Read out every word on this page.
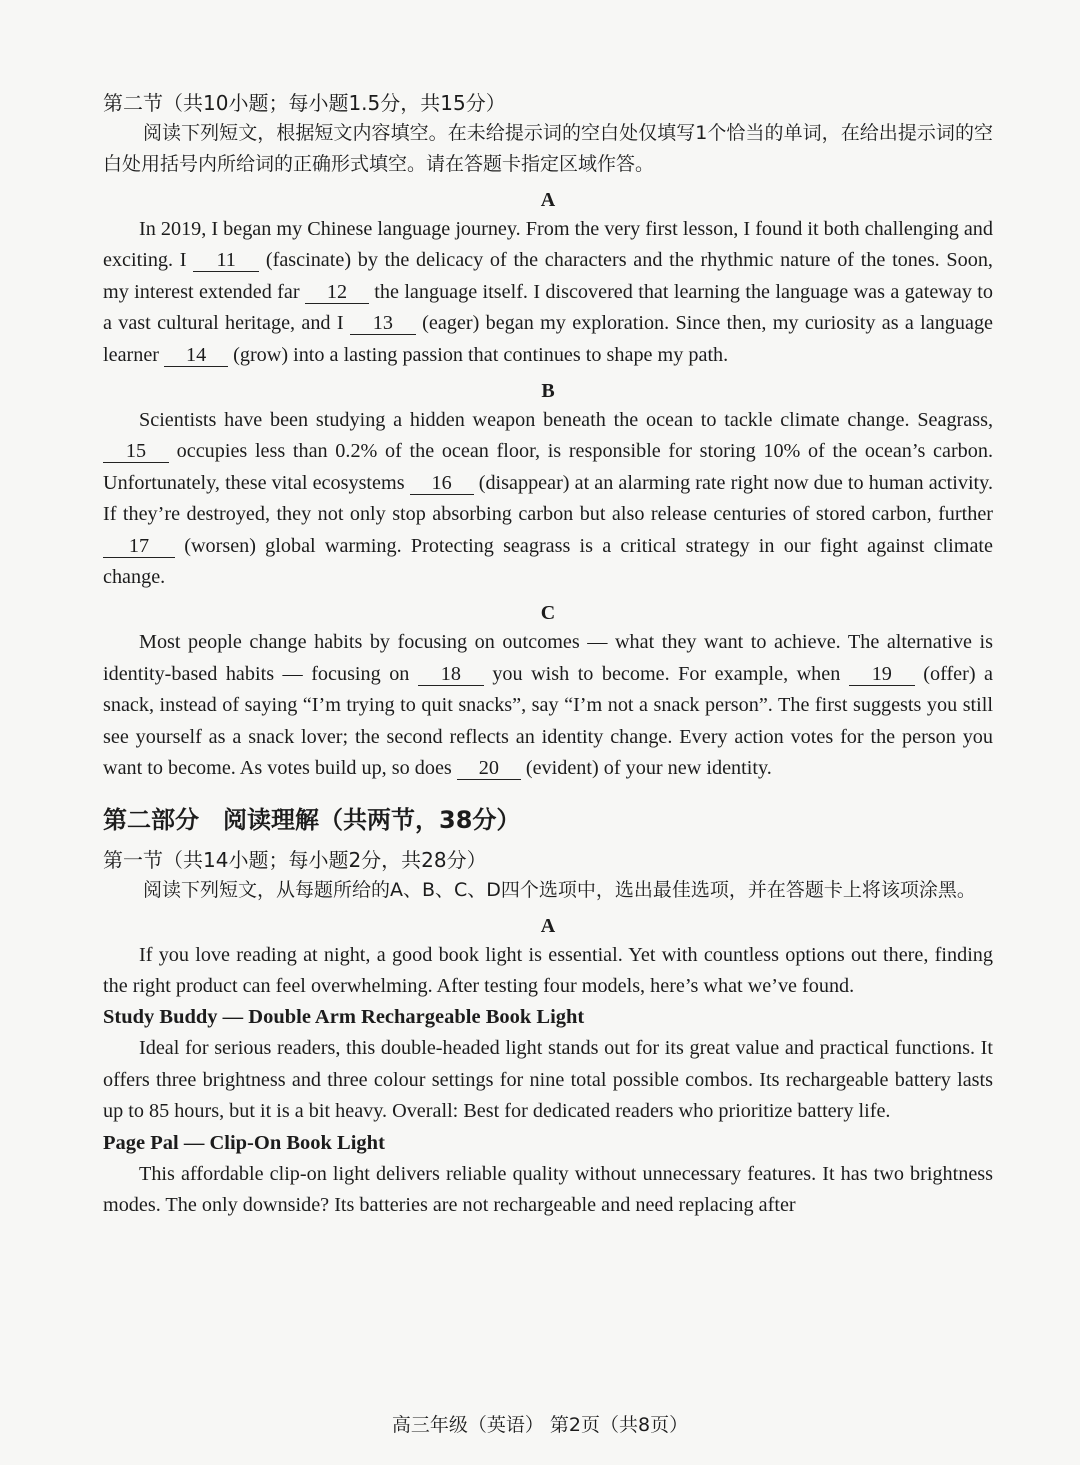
第二节（共10小题；每小题1.5分，共15分）
阅读下列短文，根据短文内容填空。在未给提示词的空白处仅填写1个恰当的单词，在给出提示词的空白处用括号内所给词的正确形式填空。请在答题卡指定区域作答。
A

In 2019, I began my Chinese language journey. From the very first lesson, I found it both challenging and exciting. I 11 (fascinate) by the delicacy of the characters and the rhythmic nature of the tones. Soon, my interest extended far 12 the language itself. I discovered that learning the language was a gateway to a vast cultural heritage, and I 13 (eager) began my exploration. Since then, my curiosity as a language learner 14 (grow) into a lasting passion that continues to shape my path.

B

Scientists have been studying a hidden weapon beneath the ocean to tackle climate change. Seagrass, 15 occupies less than 0.2% of the ocean floor, is responsible for storing 10% of the ocean’s carbon. Unfortunately, these vital ecosystems 16 (disappear) at an alarming rate right now due to human activity. If they’re destroyed, they not only stop absorbing carbon but also release centuries of stored carbon, further 17 (worsen) global warming. Protecting seagrass is a critical strategy in our fight against climate change.

C

Most people change habits by focusing on outcomes — what they want to achieve. The alternative is identity-based habits — focusing on 18 you wish to become. For example, when 19 (offer) a snack, instead of saying “I’m trying to quit snacks”, say “I’m not a snack person”. The first suggests you still see yourself as a snack lover; the second reflects an identity change. Every action votes for the person you want to become. As votes build up, so does 20 (evident) of your new identity.

第二部分 阅读理解（共两节，38分）
第一节（共14小题；每小题2分，共28分）
阅读下列短文，从每题所给的A、B、C、D四个选项中，选出最佳选项，并在答题卡上将该项涂黑。
A

If you love reading at night, a good book light is essential. Yet with countless options out there, finding the right product can feel overwhelming. After testing four models, here’s what we’ve found.

Study Buddy — Double Arm Rechargeable Book Light

Ideal for serious readers, this double-headed light stands out for its great value and practical functions. It offers three brightness and three colour settings for nine total possible combos. Its rechargeable battery lasts up to 85 hours, but it is a bit heavy. Overall: Best for dedicated readers who prioritize battery life.

Page Pal — Clip-On Book Light

This affordable clip-on light delivers reliable quality without unnecessary features. It has two brightness modes. The only downside? Its batteries are not rechargeable and need replacing after

高三年级（英语） 第2页（共8页）
